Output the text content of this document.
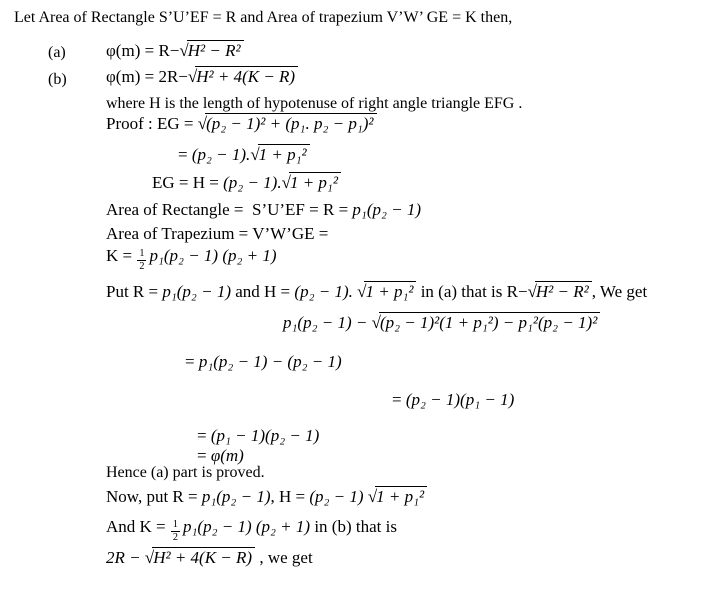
Let Area of Rectangle S’U’EF = R and Area of trapezium V’W’ GE = K then,
(a) φ(m) = R−√H² − R²
(b) φ(m) = 2R−√H² + 4(K − R)
where H is the length of hypotenuse of right angle triangle EFG .
Proof : EG = √(p₂ − 1)² + (p₁. p₂ − p₁)²
= (p₂ − 1).√1 + p₁²
EG = H = (p₂ − 1).√1 + p₁²
Area of Rectangle =  S’U’EF = R = p₁(p₂ − 1)
Area of Trapezium = V’W’GE =
$K = \frac{1}{2} p_1(p_2 - 1) (p_2 + 1)$
Put R = p₁(p₂ − 1) and H = (p₂ − 1). √1 + p₁² in (a) that is R−√H² − R² , We get
p₁(p₂ − 1) − √(p₂ − 1)²(1 + p₁²) − p₁²(p₂ − 1)²
= p₁(p₂ − 1) − (p₂ − 1)
= (p₂ − 1)(p₁ − 1)
= (p₁ − 1)(p₂ − 1)
= φ(m)
Hence (a) part is proved.
Now, put R = p₁(p₂ − 1), H = (p₂ − 1) √1 + p₁²
And $K = \frac{1}{2} p_1(p_2 - 1) (p_2 + 1)$ in (b) that is
2R − √H² + 4(K − R) , we get
